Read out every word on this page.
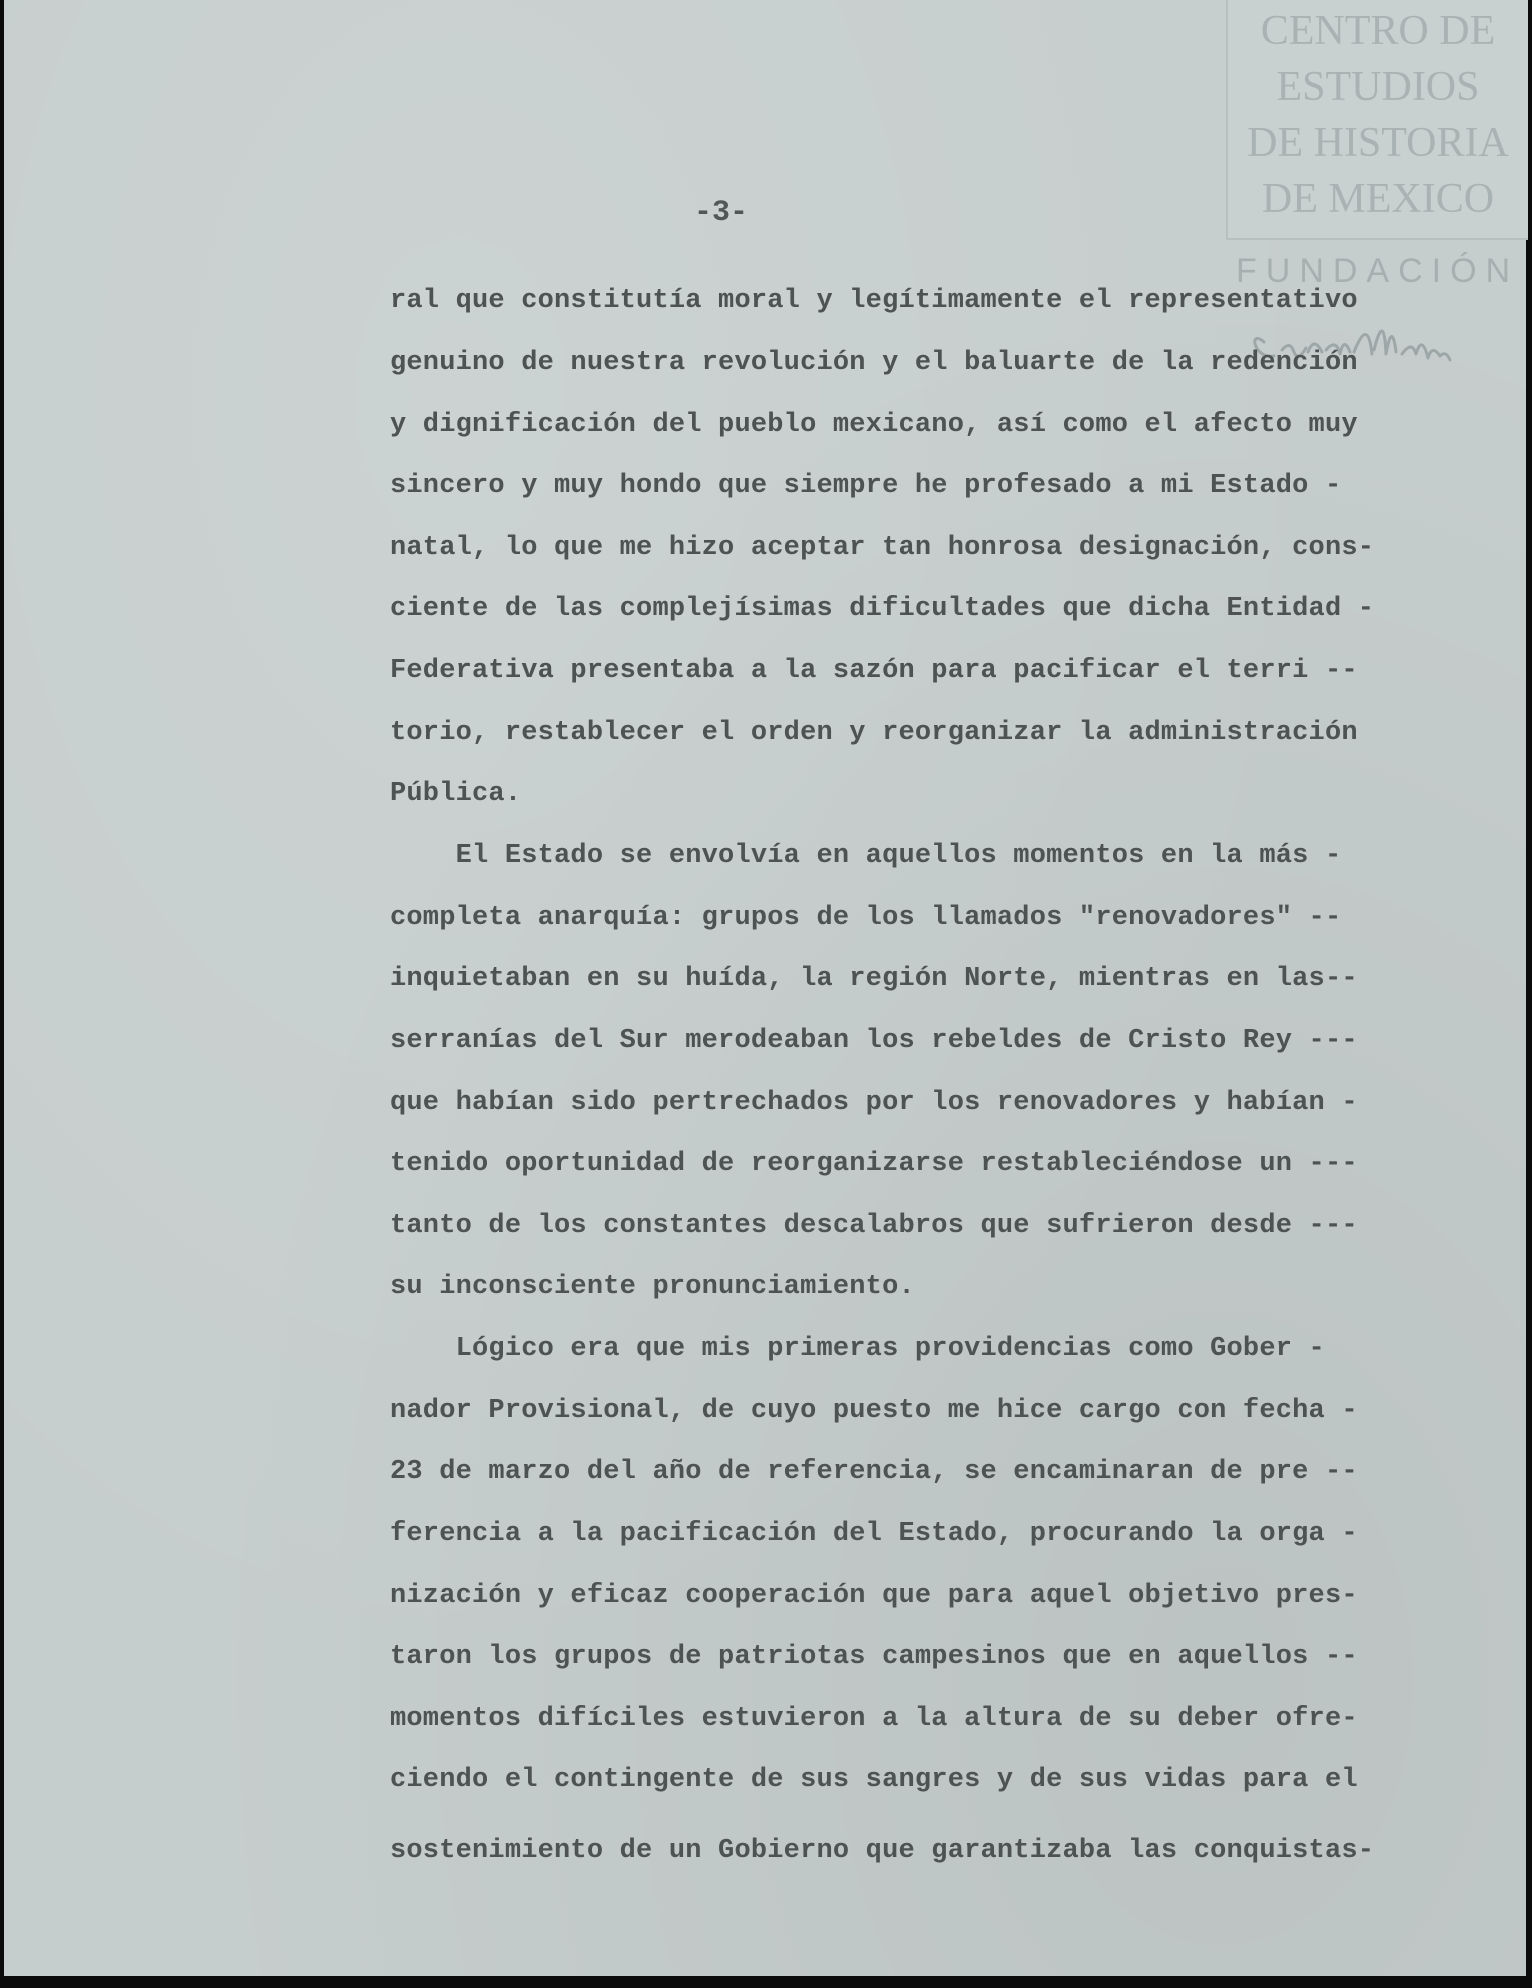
CENTRO DE
ESTUDIOS
DE HISTORIA
DE MEXICO
FUNDACIÓN
-3-
ral que constitutía moral y legítimamente el representativo
genuino de nuestra revolución y el baluarte de la redención
y dignificación del pueblo mexicano, así como el afecto muy
sincero y muy hondo que siempre he profesado a mi Estado -
natal, lo que me hizo aceptar tan honrosa designación, cons-
ciente de las complejísimas dificultades que dicha Entidad -
Federativa presentaba a la sazón para pacificar el terri --
torio, restablecer el orden y reorganizar la administración
Pública.
El Estado se envolvía en aquellos momentos en la más -
completa anarquía: grupos de los llamados "renovadores" --
inquietaban en su huída, la región Norte, mientras en las--
serranías del Sur merodeaban los rebeldes de Cristo Rey ---
que habían sido pertrechados por los renovadores y habían -
tenido oportunidad de reorganizarse restableciéndose un ---
tanto de los constantes descalabros que sufrieron desde ---
su inconsciente pronunciamiento.
Lógico era que mis primeras providencias como Gober -
nador Provisional, de cuyo puesto me hice cargo con fecha -
23 de marzo del año de referencia, se encaminaran de pre --
ferencia a la pacificación del Estado, procurando la orga -
nización y eficaz cooperación que para aquel objetivo pres-
taron los grupos de patriotas campesinos que en aquellos --
momentos difíciles estuvieron a la altura de su deber ofre-
ciendo el contingente de sus sangres y de sus vidas para el
sostenimiento de un Gobierno que garantizaba las conquistas-
